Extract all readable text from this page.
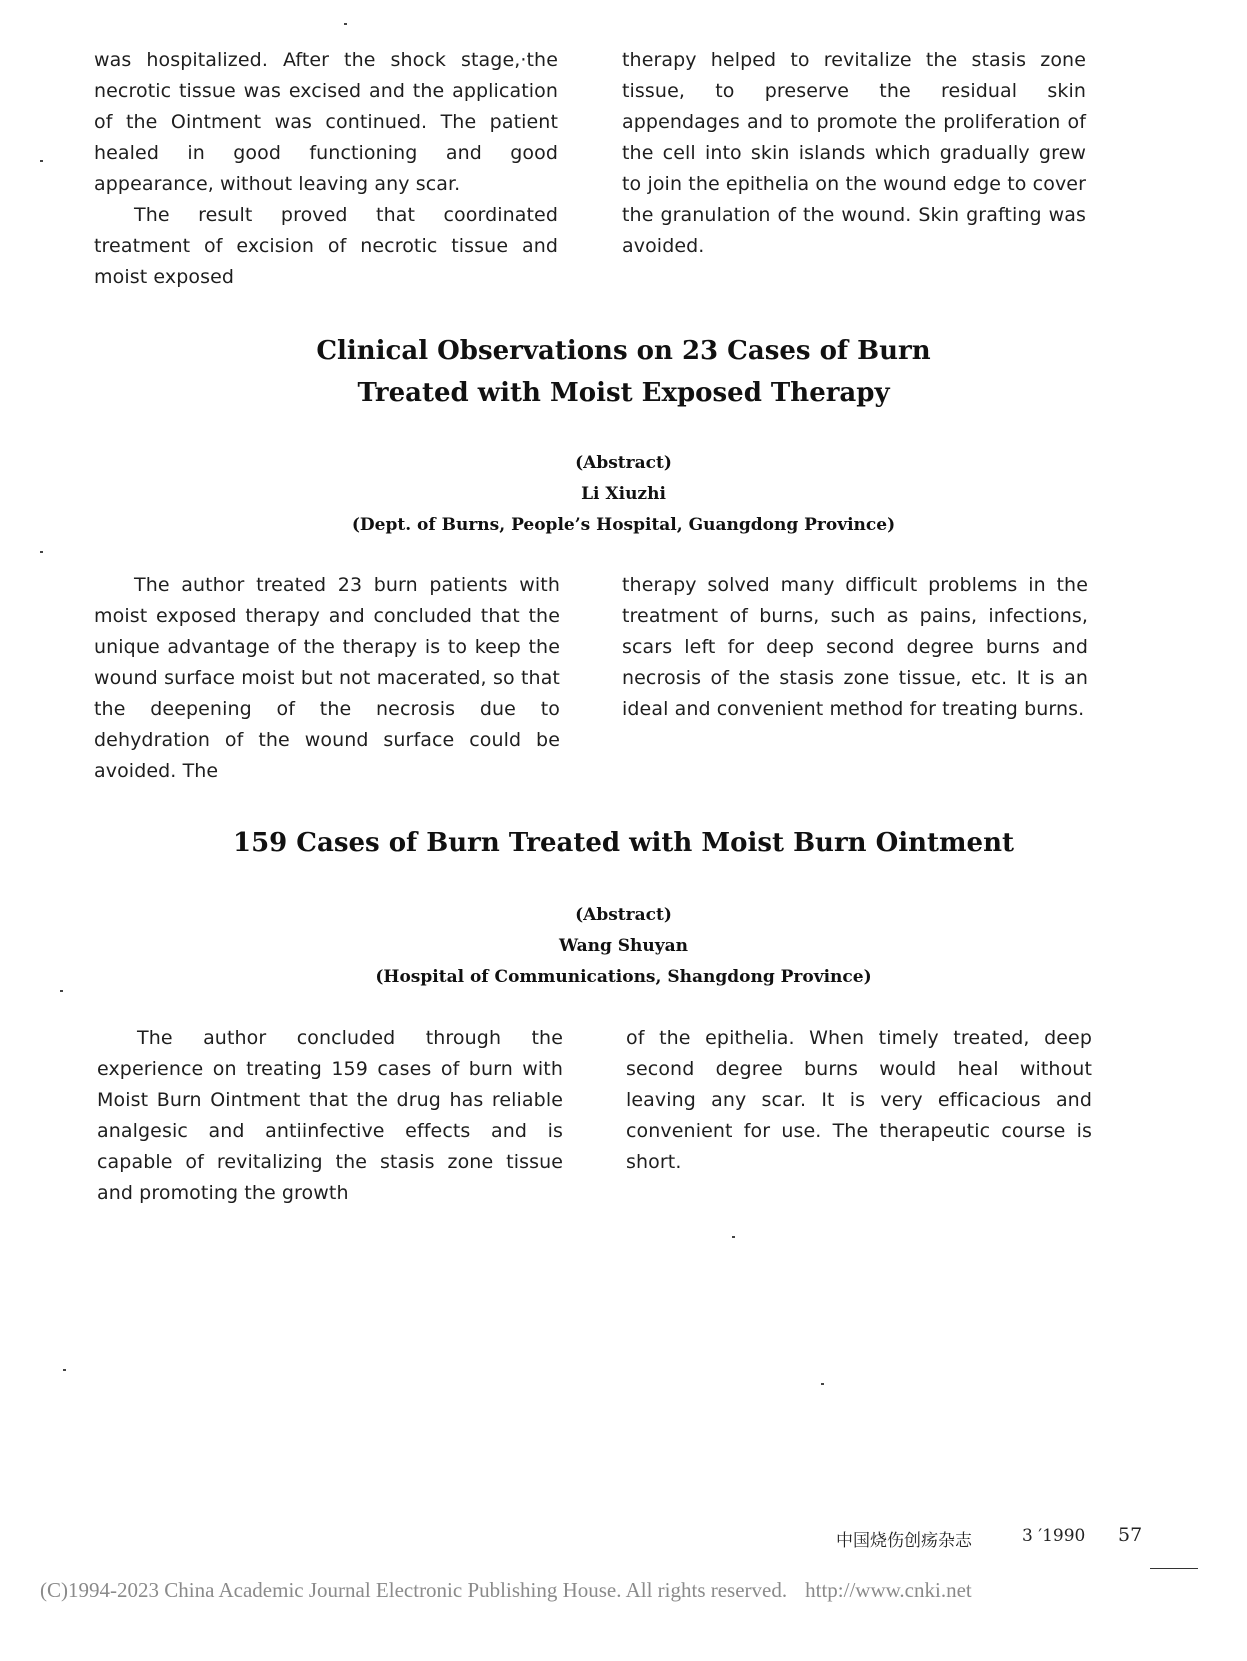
was hospitalized. After the shock stage,·the necrotic tissue was excised and the application of the Ointment was continued. The patient healed in good functioning and good appearance, without leaving any scar.

The result proved that coordinated treatment of excision of necrotic tissue and moist exposed

therapy helped to revitalize the stasis zone tissue, to preserve the residual skin appendages and to promote the proliferation of the cell into skin islands which gradually grew to join the epithelia on the wound edge to cover the granulation of the wound. Skin grafting was avoided.

Clinical Observations on 23 Cases of Burn
Treated with Moist Exposed Therapy
(Abstract)
Li Xiuzhi
(Dept. of Burns, People’s Hospital, Guangdong Province)

The author treated 23 burn patients with moist exposed therapy and concluded that the unique advantage of the therapy is to keep the wound surface moist but not macerated, so that the deepening of the necrosis due to dehydration of the wound surface could be avoided. The

therapy solved many difficult problems in the treatment of burns, such as pains, infections, scars left for deep second degree burns and necrosis of the stasis zone tissue, etc. It is an ideal and convenient method for treating burns.

159 Cases of Burn Treated with Moist Burn Ointment
(Abstract)
Wang Shuyan
(Hospital of Communications, Shangdong Province)

The author concluded through the experience on treating 159 cases of burn with Moist Burn Ointment that the drug has reliable analgesic and antiinfective effects and is capable of revitalizing the stasis zone tissue and promoting the growth

of the epithelia. When timely treated, deep second degree burns would heal without leaving any scar. It is very efficacious and convenient for use. The therapeutic course is short.

中国烧伤创疡杂志	3 ′1990 57
(C)1994-2023 China Academic Journal Electronic Publishing House. All rights reserved. http://www.cnki.net
